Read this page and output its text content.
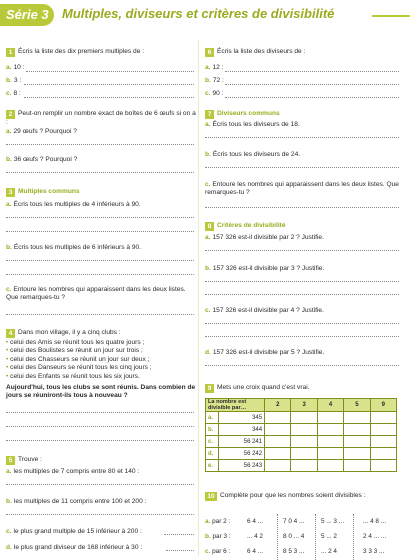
Série 3	Multiples, diviseurs et critères de divisibilité
1 Écris la liste des dix premiers multiples de :
a. 10 :
b. 3 :
c. 8 :
2 Peut-on remplir un nombre exact de boîtes de 6 œufs si on a :
a. 29 œufs ? Pourquoi ?
b. 36 œufs ? Pourquoi ?
3 Multiples communs
a. Écris tous les multiples de 4 inférieurs à 90.
b. Écris tous les multiples de 6 inférieurs à 90.
c. Entoure les nombres qui apparaissent dans les deux listes. Que remarques-tu ?
4 Dans mon village, il y a cinq clubs :
• celui des Amis se réunit tous les quatre jours ;
• celui des Boulistes se réunit un jour sur trois ;
• celui des Chasseurs se réunit un jour sur deux ;
• celui des Danseurs se réunit tous les cinq jours ;
• celui des Enfants se réunit tous les six jours.
Aujourd'hui, tous les clubs se sont réunis. Dans combien de jours se réuniront-ils tous à nouveau ?
5 Trouve :
a. les multiples de 7 compris entre 80 et 140 :
b. les multiples de 11 compris entre 100 et 200 :
c. le plus grand multiple de 15 inférieur à 200 :
d. le plus grand diviseur de 168 inférieur à 30 :
6 Écris la liste des diviseurs de :
a. 12 :
b. 72 :
c. 90 :
7 Diviseurs communs
a. Écris tous les diviseurs de 18.
b. Écris tous les diviseurs de 24.
c. Entoure les nombres qui apparaissent dans les deux listes. Que remarques-tu ?
8 Critères de divisibilité
a. 157 326 est-il divisible par 2 ? Justifie.
b. 157 326 est-il divisible par 3 ? Justifie.
c. 157 326 est-il divisible par 4 ? Justifie.
d. 157 326 est-il divisible par 5 ? Justifie.
9 Mets une croix quand c'est vrai.
La nombre est divisible par…		2	3	4	5	9
a.	345					
b.	344					
c.	56 241					
d.	56 242					
e.	56 243					
10 Complète pour que les nombres soient divisibles :
a. par 2 :	6 4 ...	7 0 4 ...	5 ... 3 ...	... 4 8 ...
b. par 3 :	... 4 2	8 0 ... 4	5 ... 2	2 4 ... ...
c. par 6 :	6 4 ...	8 5 3 ...	... 2 4	3 3 3 ...
